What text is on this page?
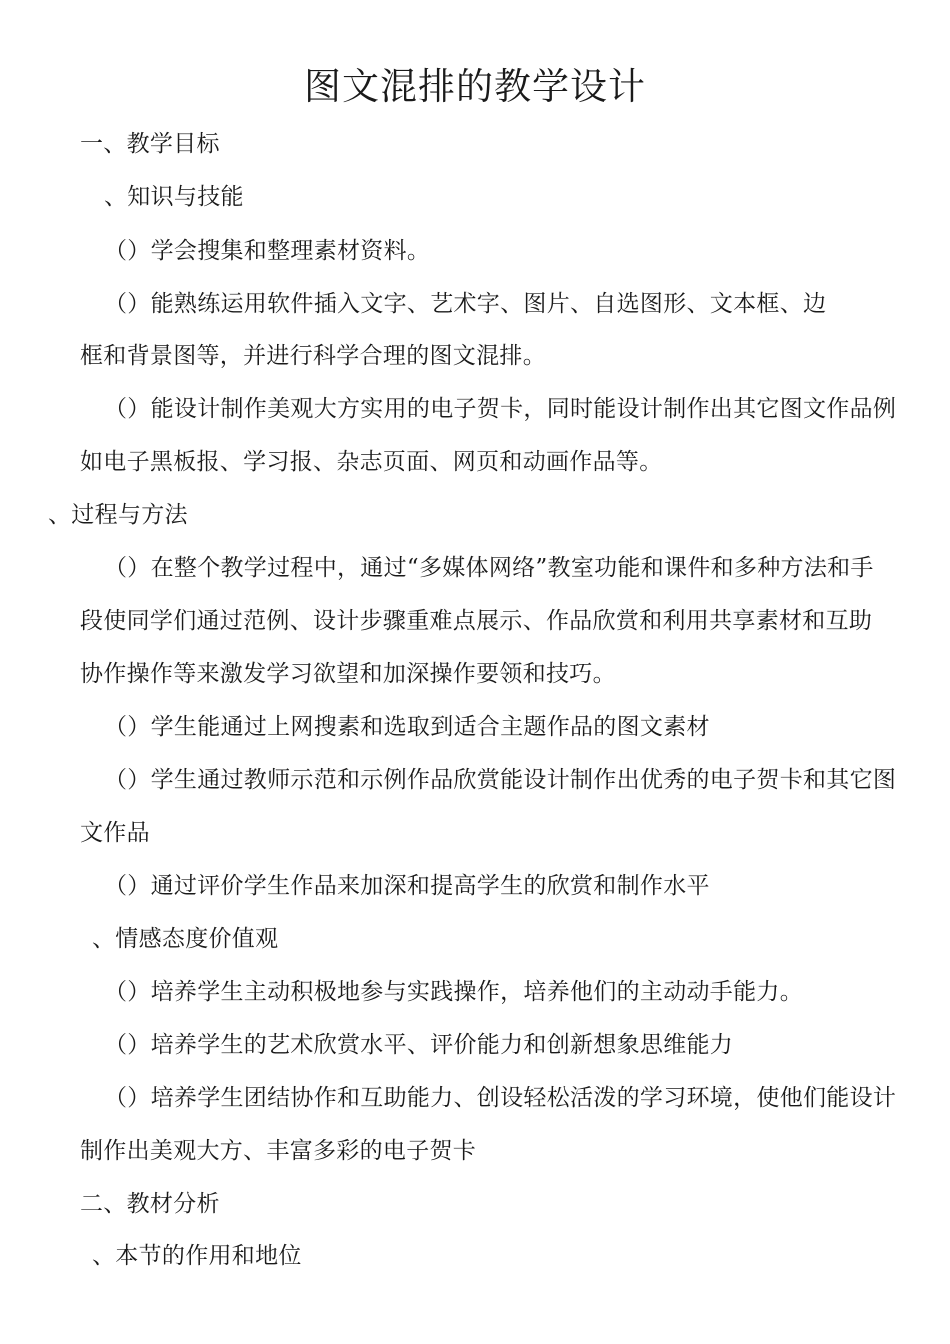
图文混排的教学设计
一、教学目标
、知识与技能
（）学会搜集和整理素材资料。
（）能熟练运用软件插入文字、艺术字、图片、自选图形、文本框、边
框和背景图等，并进行科学合理的图文混排。
（）能设计制作美观大方实用的电子贺卡，同时能设计制作出其它图文作品例
如电子黑板报、学习报、杂志页面、网页和动画作品等。
、过程与方法
（）在整个教学过程中，通过“多媒体网络”教室功能和课件和多种方法和手
段使同学们通过范例、设计步骤重难点展示、作品欣赏和利用共享素材和互助
协作操作等来激发学习欲望和加深操作要领和技巧。
（）学生能通过上网搜素和选取到适合主题作品的图文素材
（）学生通过教师示范和示例作品欣赏能设计制作出优秀的电子贺卡和其它图
文作品
（）通过评价学生作品来加深和提高学生的欣赏和制作水平
、情感态度价值观
（）培养学生主动积极地参与实践操作，培养他们的主动动手能力。
（）培养学生的艺术欣赏水平、评价能力和创新想象思维能力
（）培养学生团结协作和互助能力、创设轻松活泼的学习环境，使他们能设计
制作出美观大方、丰富多彩的电子贺卡
二、教材分析
、本节的作用和地位
